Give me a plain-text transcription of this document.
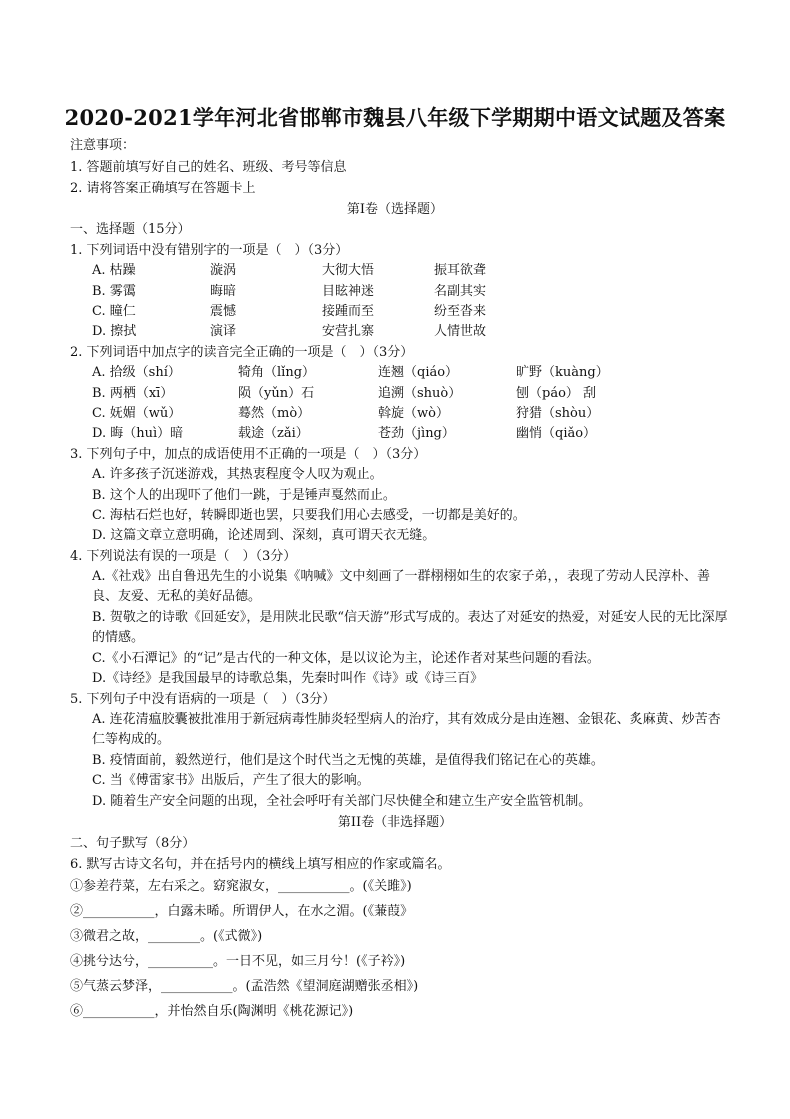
2020-2021学年河北省邯郸市魏县八年级下学期期中语文试题及答案
注意事项：
1. 答题前填写好自己的姓名、班级、考号等信息
2. 请将答案正确填写在答题卡上
第Ⅰ卷（选择题）
一、选择题（15分）
1. 下列词语中没有错别字的一项是（　）（3分）
A. 枯躁	漩涡	大彻大悟	振耳欲聋
B. 雾霭	晦暗	目眩神迷	名副其实
C. 瞳仁	震憾	接踵而至	纷至沓来
D. 擦拭	演译	安营扎寨	人情世故
2. 下列词语中加点字的读音完全正确的一项是（　）（3分）
A. 拾级（shí）	犄角（lǐng）	连翘（qiáo）	旷野（kuàng）
B. 两栖（xī）	陨（yǔn）石	追溯（shuò）	刨（páo） 刮
C. 妩媚（wǔ）	蓦然（mò）	斡旋（wò）	狩猎（shòu）
D. 晦（huì）暗	载途（zǎi）	苍劲（jìng）	幽悄（qiǎo）
3. 下列句子中，加点的成语使用不正确的一项是（　）（3分）
A. 许多孩子沉迷游戏，其热衷程度令人叹为观止。
B. 这个人的出现吓了他们一跳，于是锤声戛然而止。
C. 海枯石烂也好，转瞬即逝也罢，只要我们用心去感受，一切都是美好的。
D. 这篇文章立意明确，论述周到、深刻，真可谓天衣无缝。
4. 下列说法有误的一项是（　）（3分）
A.《社戏》出自鲁迅先生的小说集《呐喊》文中刻画了一群栩栩如生的农家子弟，，表现了劳动人民淳朴、善良、友爱、无私的美好品德。
B. 贺敬之的诗歌《回延安》，是用陕北民歌“信天游”形式写成的。表达了对延安的热爱，对延安人民的无比深厚的情感。
C.《小石潭记》的“记”是古代的一种文体，是以议论为主，论述作者对某些问题的看法。
D.《诗经》是我国最早的诗歌总集，先秦时叫作《诗》或《诗三百》
5. 下列句子中没有语病的一项是（　）（3分）
A. 连花清瘟胶囊被批准用于新冠病毒性肺炎轻型病人的治疗，其有效成分是由连翘、金银花、炙麻黄、炒苦杏仁等构成的。
B. 疫情面前，毅然逆行，他们是这个时代当之无愧的英雄，是值得我们铭记在心的英雄。
C. 当《傅雷家书》出版后，产生了很大的影响。
D. 随着生产安全问题的出现，全社会呼吁有关部门尽快健全和建立生产安全监管机制。
第II卷（非选择题）
二、句子默写（8分）
6. 默写古诗文名句，并在括号内的横线上填写相应的作家或篇名。
①参差荇菜，左右采之。窈窕淑女，___________。(《关雎》)
②___________，白露未晞。所谓伊人，在水之湄。(《蒹葭》
③微君之故，________。(《式微》)
④挑兮达兮，__________。一日不见，如三月兮！(《子衿》)
⑤气蒸云梦泽，___________。(孟浩然《望洞庭湖赠张丞相》)
⑥___________，并怡然自乐(陶渊明《桃花源记》)
